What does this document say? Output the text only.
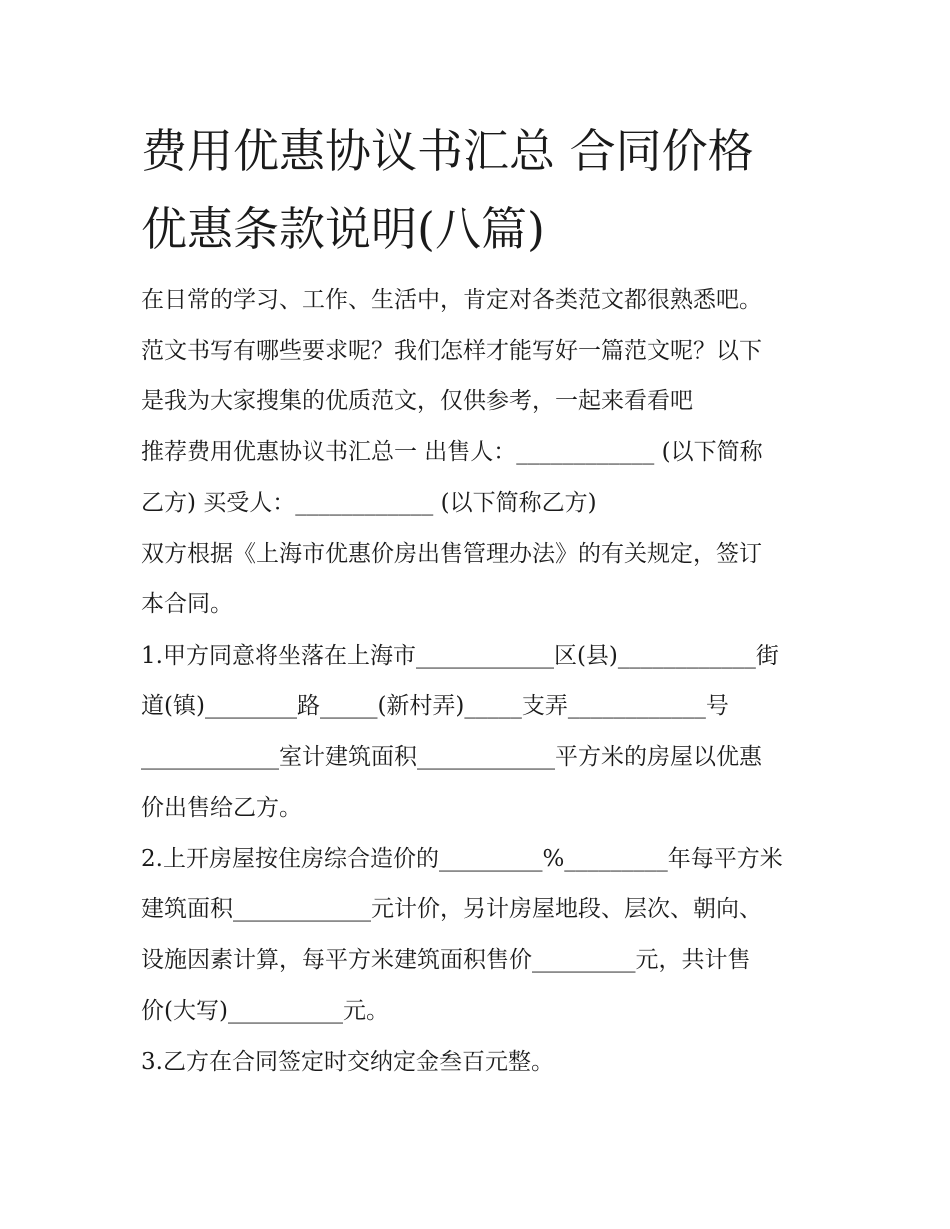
费用优惠协议书汇总 合同价格
优惠条款说明(八篇)

在日常的学习、工作、生活中，肯定对各类范文都很熟悉吧。

范文书写有哪些要求呢？我们怎样才能写好一篇范文呢？以下

是我为大家搜集的优质范文，仅供参考，一起来看看吧

推荐费用优惠协议书汇总一 出售人：____________ (以下简称

乙方) 买受人：____________ (以下简称乙方)

双方根据《上海市优惠价房出售管理办法》的有关规定，签订

本合同。

1.甲方同意将坐落在上海市____________区(县)____________街

道(镇)________路_____(新村弄)_____支弄____________号

____________室计建筑面积____________平方米的房屋以优惠

价出售给乙方。

2.上开房屋按住房综合造价的_________%_________年每平方米

建筑面积____________元计价，另计房屋地段、层次、朝向、

设施因素计算，每平方米建筑面积售价_________元，共计售

价(大写)__________元。

3.乙方在合同签定时交纳定金叁百元整。
